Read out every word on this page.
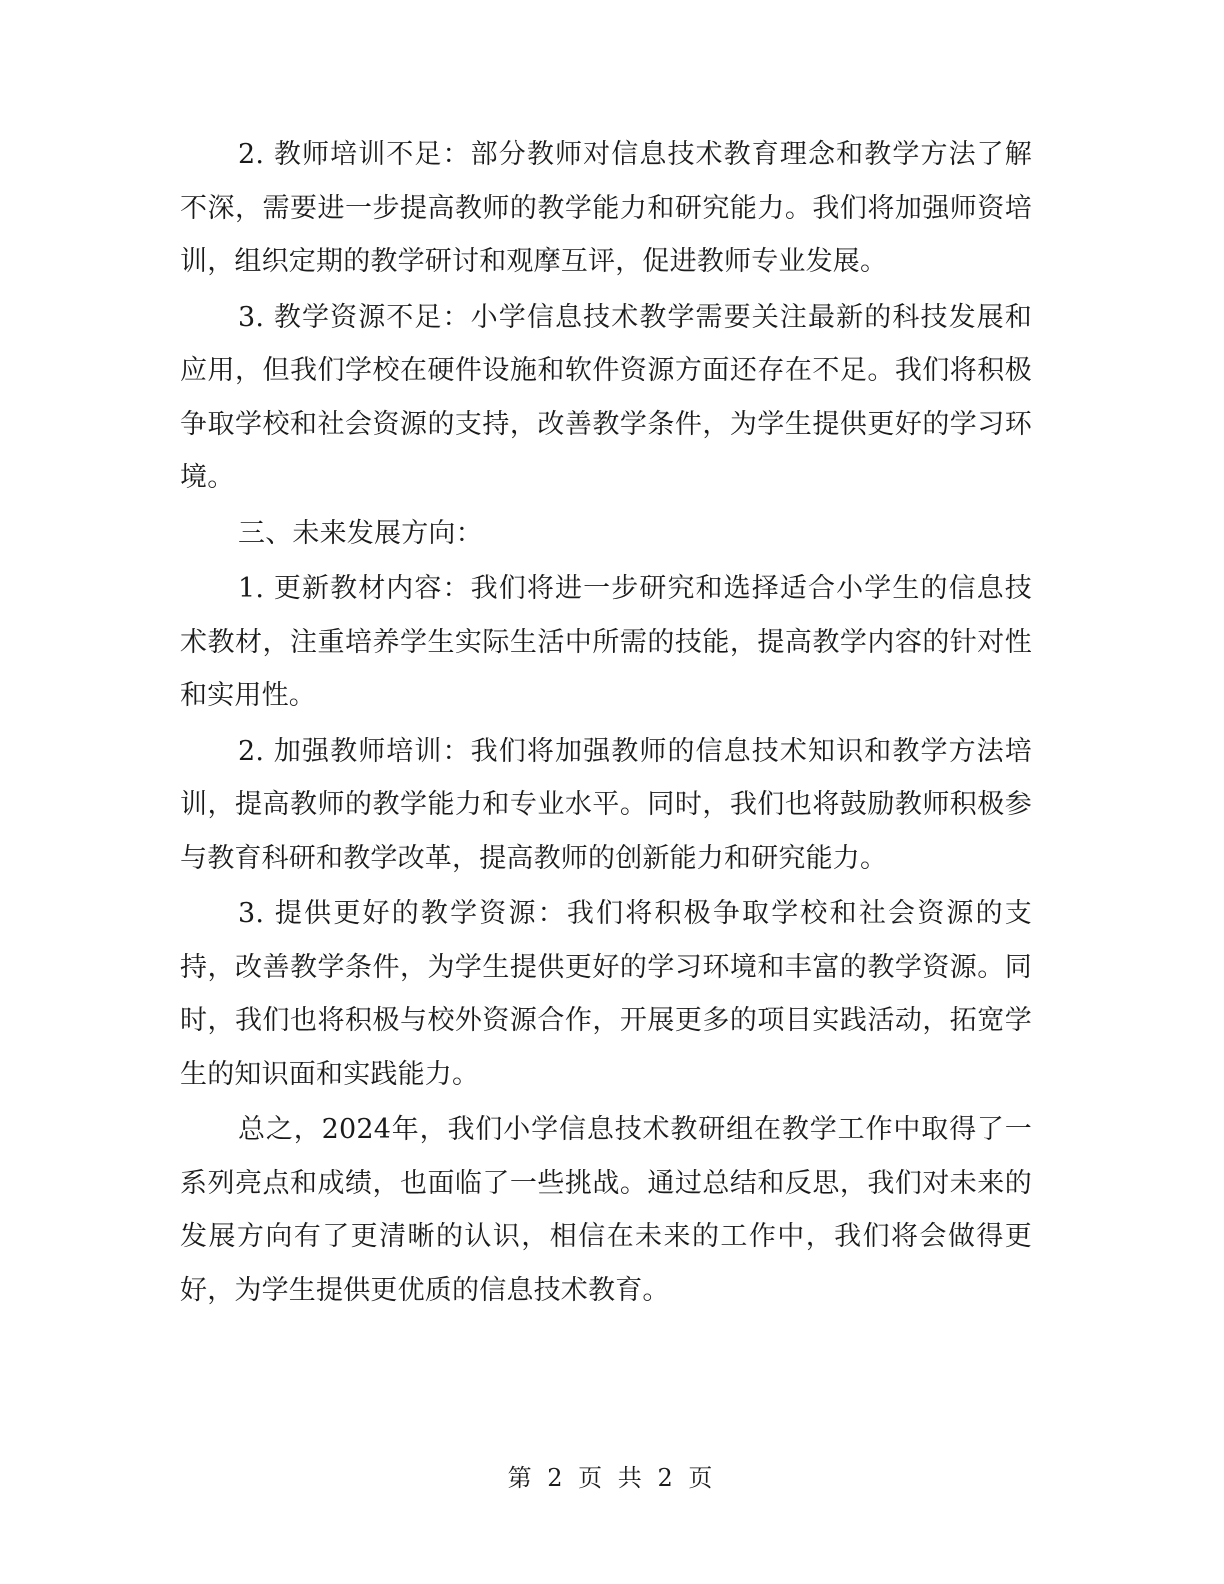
2. 教师培训不足：部分教师对信息技术教育理念和教学方法了解不深，需要进一步提高教师的教学能力和研究能力。我们将加强师资培训，组织定期的教学研讨和观摩互评，促进教师专业发展。

3. 教学资源不足：小学信息技术教学需要关注最新的科技发展和应用，但我们学校在硬件设施和软件资源方面还存在不足。我们将积极争取学校和社会资源的支持，改善教学条件，为学生提供更好的学习环境。

三、未来发展方向：

1. 更新教材内容：我们将进一步研究和选择适合小学生的信息技术教材，注重培养学生实际生活中所需的技能，提高教学内容的针对性和实用性。

2. 加强教师培训：我们将加强教师的信息技术知识和教学方法培训，提高教师的教学能力和专业水平。同时，我们也将鼓励教师积极参与教育科研和教学改革，提高教师的创新能力和研究能力。

3. 提供更好的教学资源：我们将积极争取学校和社会资源的支持，改善教学条件，为学生提供更好的学习环境和丰富的教学资源。同时，我们也将积极与校外资源合作，开展更多的项目实践活动，拓宽学生的知识面和实践能力。

总之，2024年，我们小学信息技术教研组在教学工作中取得了一系列亮点和成绩，也面临了一些挑战。通过总结和反思，我们对未来的发展方向有了更清晰的认识，相信在未来的工作中，我们将会做得更好，为学生提供更优质的信息技术教育。

第 2 页 共 2 页
